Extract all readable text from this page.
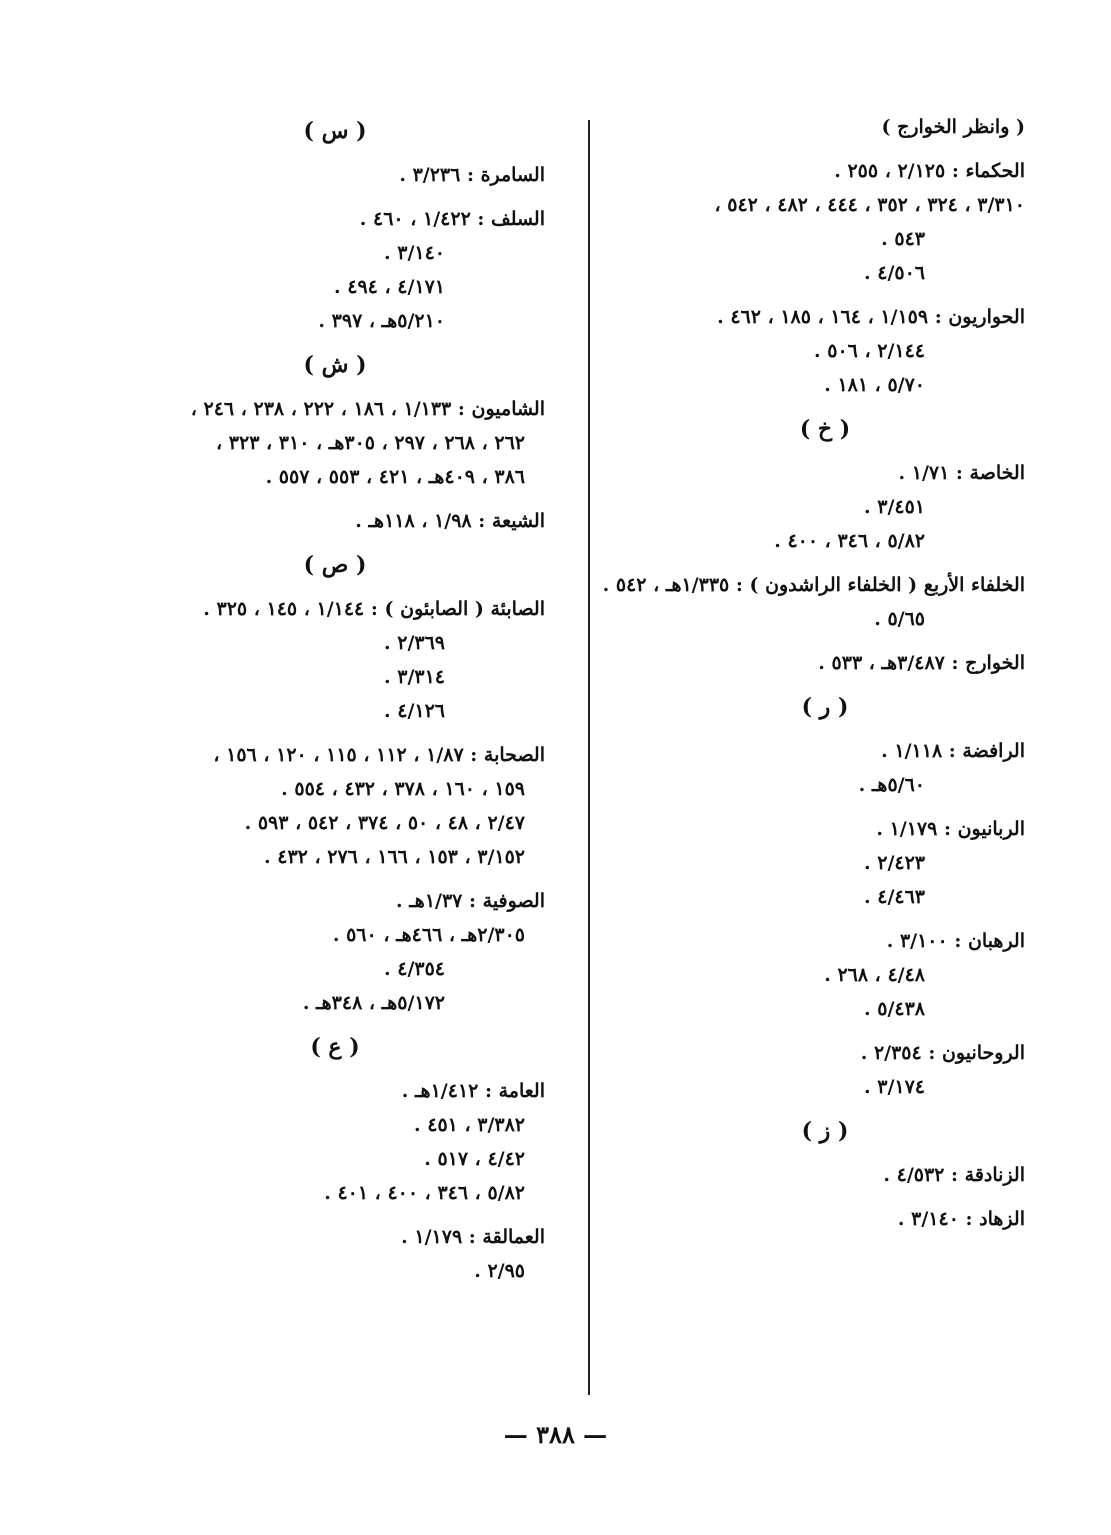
( وانظر الخوارج )
الحكماء : ٢/١٢٥ ، ٢٥٥ .
٣/٣١٠ ، ٣٢٤ ، ٣٥٢ ، ٤٤٤ ، ٤٨٢ ، ٥٤٢ ،
٥٤٣ .
٤/٥٠٦ .
الحواريون : ١/١٥٩ ، ١٦٤ ، ١٨٥ ، ٤٦٢ .
٢/١٤٤ ، ٥٠٦ .
٥/٧٠ ، ١٨١ .
( خ )
الخاصة : ١/٧١ .
٣/٤٥١ .
٥/٨٢ ، ٣٤٦ ، ٤٠٠ .
الخلفاء الأربع ( الخلفاء الراشدون ) : ١/٣٣٥هـ ، ٥٤٢ .
٥/٦٥ .
الخوارج : ٣/٤٨٧هـ ، ٥٣٣ .
( ر )
الرافضة : ١/١١٨ .
٥/٦٠هـ .
الربانيون : ١/١٧٩ .
٢/٤٢٣ .
٤/٤٦٣ .
الرهبان : ٣/١٠٠ .
٤/٤٨ ، ٢٦٨ .
٥/٤٣٨ .
الروحانيون : ٢/٣٥٤ .
٣/١٧٤ .
( ز )
الزنادقة : ٤/٥٣٢ .
الزهاد : ٣/١٤٠ .
( س )
السامرة : ٣/٢٣٦ .
السلف : ١/٤٢٢ ، ٤٦٠ .
٣/١٤٠ .
٤/١٧١ ، ٤٩٤ .
٥/٢١٠هـ ، ٣٩٧ .
( ش )
الشاميون : ١/١٣٣ ، ١٨٦ ، ٢٢٢ ، ٢٣٨ ، ٢٤٦ ،
٢٦٢ ، ٢٦٨ ، ٢٩٧ ، ٣٠٥هـ ، ٣١٠ ، ٣٢٣ ،
٣٨٦ ، ٤٠٩هـ ، ٤٢١ ، ٥٥٣ ، ٥٥٧ .
الشيعة : ١/٩٨ ، ١١٨هـ .
( ص )
الصابئة ( الصابئون ) : ١/١٤٤ ، ١٤٥ ، ٣٢٥ .
٢/٣٦٩ .
٣/٣١٤ .
٤/١٢٦ .
الصحابة : ١/٨٧ ، ١١٢ ، ١١٥ ، ١٢٠ ، ١٥٦ ،
١٥٩ ، ١٦٠ ، ٣٧٨ ، ٤٣٢ ، ٥٥٤ .
٢/٤٧ ، ٤٨ ، ٥٠ ، ٣٧٤ ، ٥٤٢ ، ٥٩٣ .
٣/١٥٢ ، ١٥٣ ، ١٦٦ ، ٢٧٦ ، ٤٣٢ .
الصوفية : ١/٣٧هـ .
٢/٣٠٥هـ ، ٤٦٦هـ ، ٥٦٠ .
٤/٣٥٤ .
٥/١٧٢هـ ، ٣٤٨هـ .
( ع )
العامة : ١/٤١٢هـ .
٣/٣٨٢ ، ٤٥١ .
٤/٤٢ ، ٥١٧ .
٥/٨٢ ، ٣٤٦ ، ٤٠٠ ، ٤٠١ .
العمالقة : ١/١٧٩ .
٢/٩٥ .
— ٣٨٨ —
